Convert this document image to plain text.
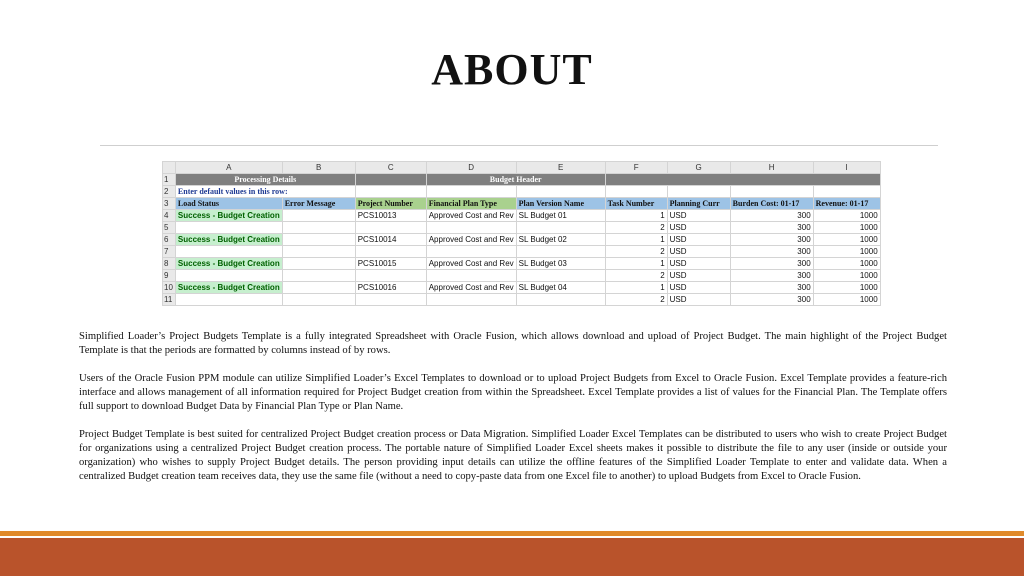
ABOUT
	A	B	C	D	E	F	G	H	I
1	Processing Details			Budget Header					
2	Enter default values in this row:								
3	Load Status	Error Message	Project Number	Financial Plan Type	Plan Version Name	Task Number	Planning Curr	Burden Cost: 01-17	Revenue: 01-17
4	Success - Budget Creation		PCS10013	Approved Cost and Rev	SL Budget 01	1	USD	300	1000
5						2	USD	300	1000
6	Success - Budget Creation		PCS10014	Approved Cost and Rev	SL Budget 02	1	USD	300	1000
7						2	USD	300	1000
8	Success - Budget Creation		PCS10015	Approved Cost and Rev	SL Budget 03	1	USD	300	1000
9						2	USD	300	1000
10	Success - Budget Creation		PCS10016	Approved Cost and Rev	SL Budget 04	1	USD	300	1000
11						2	USD	300	1000

Simplified Loader’s Project Budgets Template is a fully integrated Spreadsheet with Oracle Fusion, which allows download and upload of Project Budget. The main highlight of the Project Budget Template is that the periods are formatted by columns instead of by rows.

Users of the Oracle Fusion PPM module can utilize Simplified Loader’s Excel Templates to download or to upload Project Budgets from Excel to Oracle Fusion. Excel Template provides a feature-rich interface and allows management of all information required for Project Budget creation from within the Spreadsheet. Excel Template provides a list of values for the Financial Plan. The Template offers full support to download Budget Data by Financial Plan Type or Plan Name.

Project Budget Template is best suited for centralized Project Budget creation process or Data Migration. Simplified Loader Excel Templates can be distributed to users who wish to create Project Budget for organizations using a centralized Project Budget creation process. The portable nature of Simplified Loader Excel sheets makes it possible to distribute the file to any user (inside or outside your organization) who wishes to supply Project Budget details. The person providing input details can utilize the offline features of the Simplified Loader Template to enter and validate data. When a centralized Budget creation team receives data, they use the same file (without a need to copy-paste data from one Excel file to another) to upload Budgets from Excel to Oracle Fusion.
